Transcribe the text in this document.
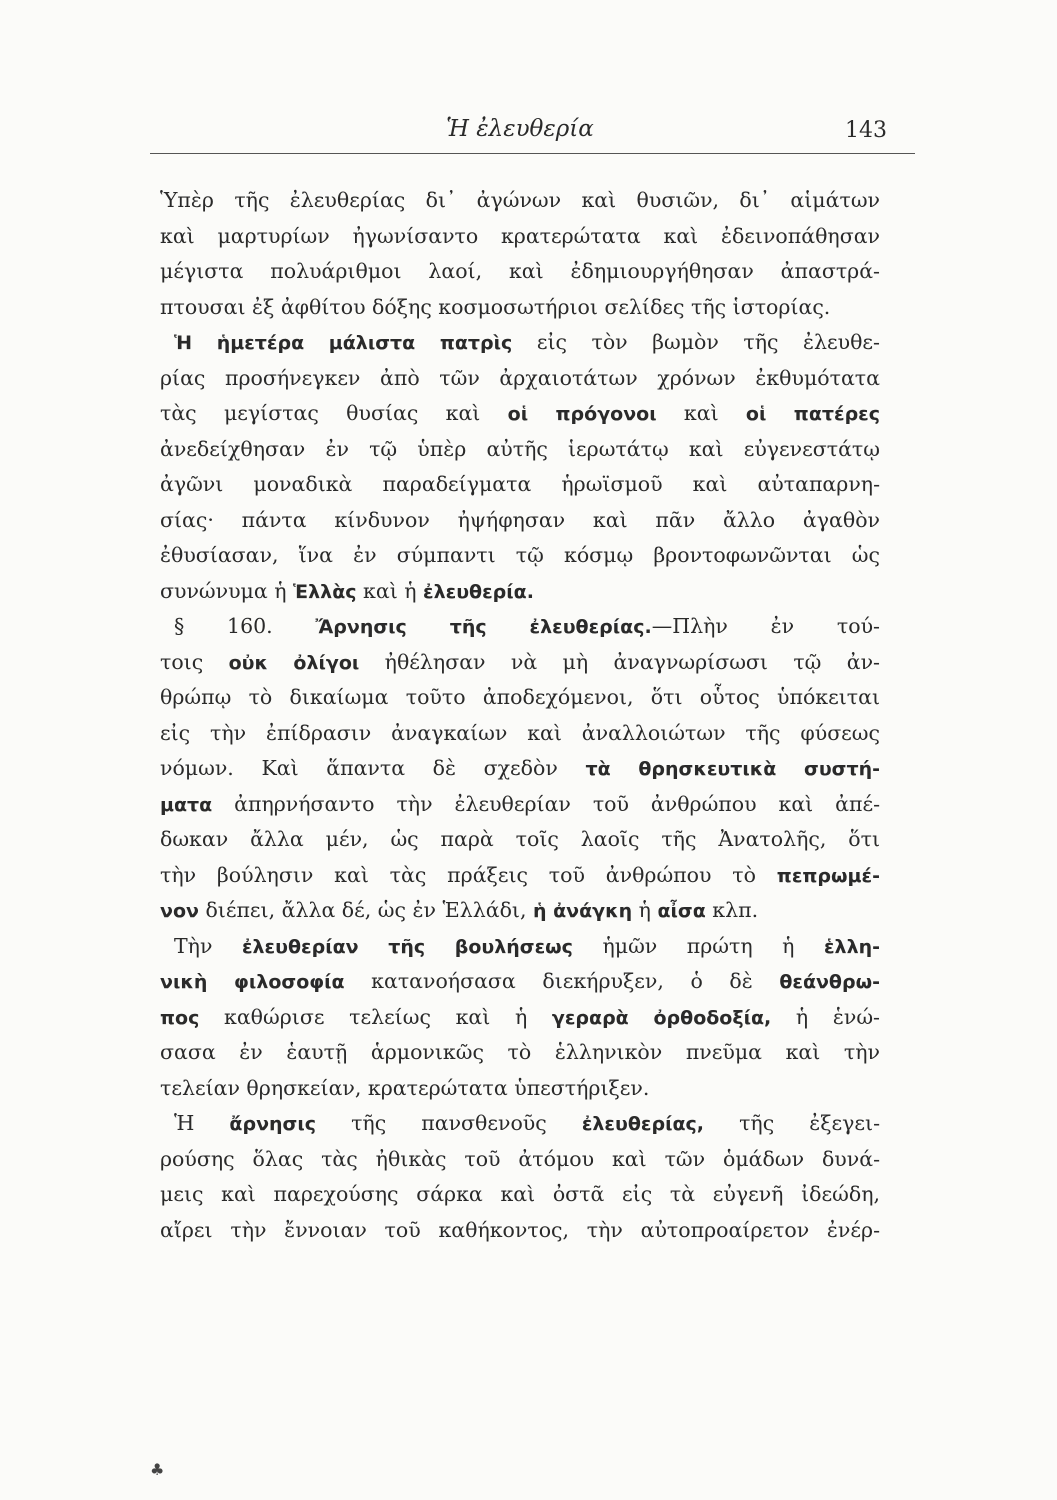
Ἡ ἐλευθερία	143
Ὑπὲρ τῆς ἐλευθερίας δι᾽ ἀγώνων καὶ θυσιῶν, δι᾽ αἱμάτων
καὶ μαρτυρίων ἠγωνίσαντο κρατερώτατα καὶ ἐδεινοπάθησαν
μέγιστα πολυάριθμοι λαοί, καὶ ἐδημιουργήθησαν ἀπαστρά-
πτουσαι ἐξ ἀφθίτου δόξης κοσμοσωτήριοι σελίδες τῆς ἱστορίας.
Ἡ ἡμετέρα μάλιστα πατρὶς εἰς τὸν βωμὸν τῆς ἐλευθε-
ρίας προσήνεγκεν ἀπὸ τῶν ἀρχαιοτάτων χρόνων ἐκθυμότατα
τὰς μεγίστας θυσίας καὶ οἱ πρόγονοι καὶ οἱ πατέρες
ἀνεδείχθησαν ἐν τῷ ὑπὲρ αὐτῆς ἱερωτάτῳ καὶ εὐγενεστάτῳ
ἀγῶνι μοναδικὰ παραδείγματα ἡρωϊσμοῦ καὶ αὐταπαρνη-
σίας· πάντα κίνδυνον ἠψήφησαν καὶ πᾶν ἄλλο ἀγαθὸν
ἐθυσίασαν, ἵνα ἐν σύμπαντι τῷ κόσμῳ βροντοφωνῶνται ὡς
συνώνυμα ἡ Ἑλλὰς καὶ ἡ ἐλευθερία.
§ 160. Ἄρνησις τῆς ἐλευθερίας.—Πλὴν ἐν τού-
τοις οὐκ ὀλίγοι ἠθέλησαν νὰ μὴ ἀναγνωρίσωσι τῷ ἀν-
θρώπῳ τὸ δικαίωμα τοῦτο ἀποδεχόμενοι, ὅτι οὗτος ὑπόκειται
εἰς τὴν ἐπίδρασιν ἀναγκαίων καὶ ἀναλλοιώτων τῆς φύσεως
νόμων. Καὶ ἅπαντα δὲ σχεδὸν τὰ θρησκευτικὰ συστή-
ματα ἀπηρνήσαντο τὴν ἐλευθερίαν τοῦ ἀνθρώπου καὶ ἀπέ-
δωκαν ἄλλα μέν, ὡς παρὰ τοῖς λαοῖς τῆς Ἀνατολῆς, ὅτι
τὴν βούλησιν καὶ τὰς πράξεις τοῦ ἀνθρώπου τὸ πεπρωμέ-
νον διέπει, ἄλλα δέ, ὡς ἐν Ἑλλάδι, ἡ ἀνάγκη ἡ αἶσα κλπ.
Τὴν ἐλευθερίαν τῆς βουλήσεως ἡμῶν πρώτη ἡ ἑλλη-
νικὴ φιλοσοφία κατανοήσασα διεκήρυξεν, ὁ δὲ θεάνθρω-
πος καθώρισε τελείως καὶ ἡ γεραρὰ ὀρθοδοξία, ἡ ἑνώ-
σασα ἐν ἑαυτῇ ἁρμονικῶς τὸ ἑλληνικὸν πνεῦμα καὶ τὴν
τελείαν θρησκείαν, κρατερώτατα ὑπεστήριξεν.
Ἡ ἄρνησις τῆς πανσθενοῦς ἐλευθερίας, τῆς ἐξεγει-
ρούσης ὅλας τὰς ἠθικὰς τοῦ ἀτόμου καὶ τῶν ὁμάδων δυνά-
μεις καὶ παρεχούσης σάρκα καὶ ὀστᾶ εἰς τὰ εὐγενῆ ἰδεώδη,
αἴρει τὴν ἔννοιαν τοῦ καθήκοντος, τὴν αὐτοπροαίρετον ἐνέρ-
♣
